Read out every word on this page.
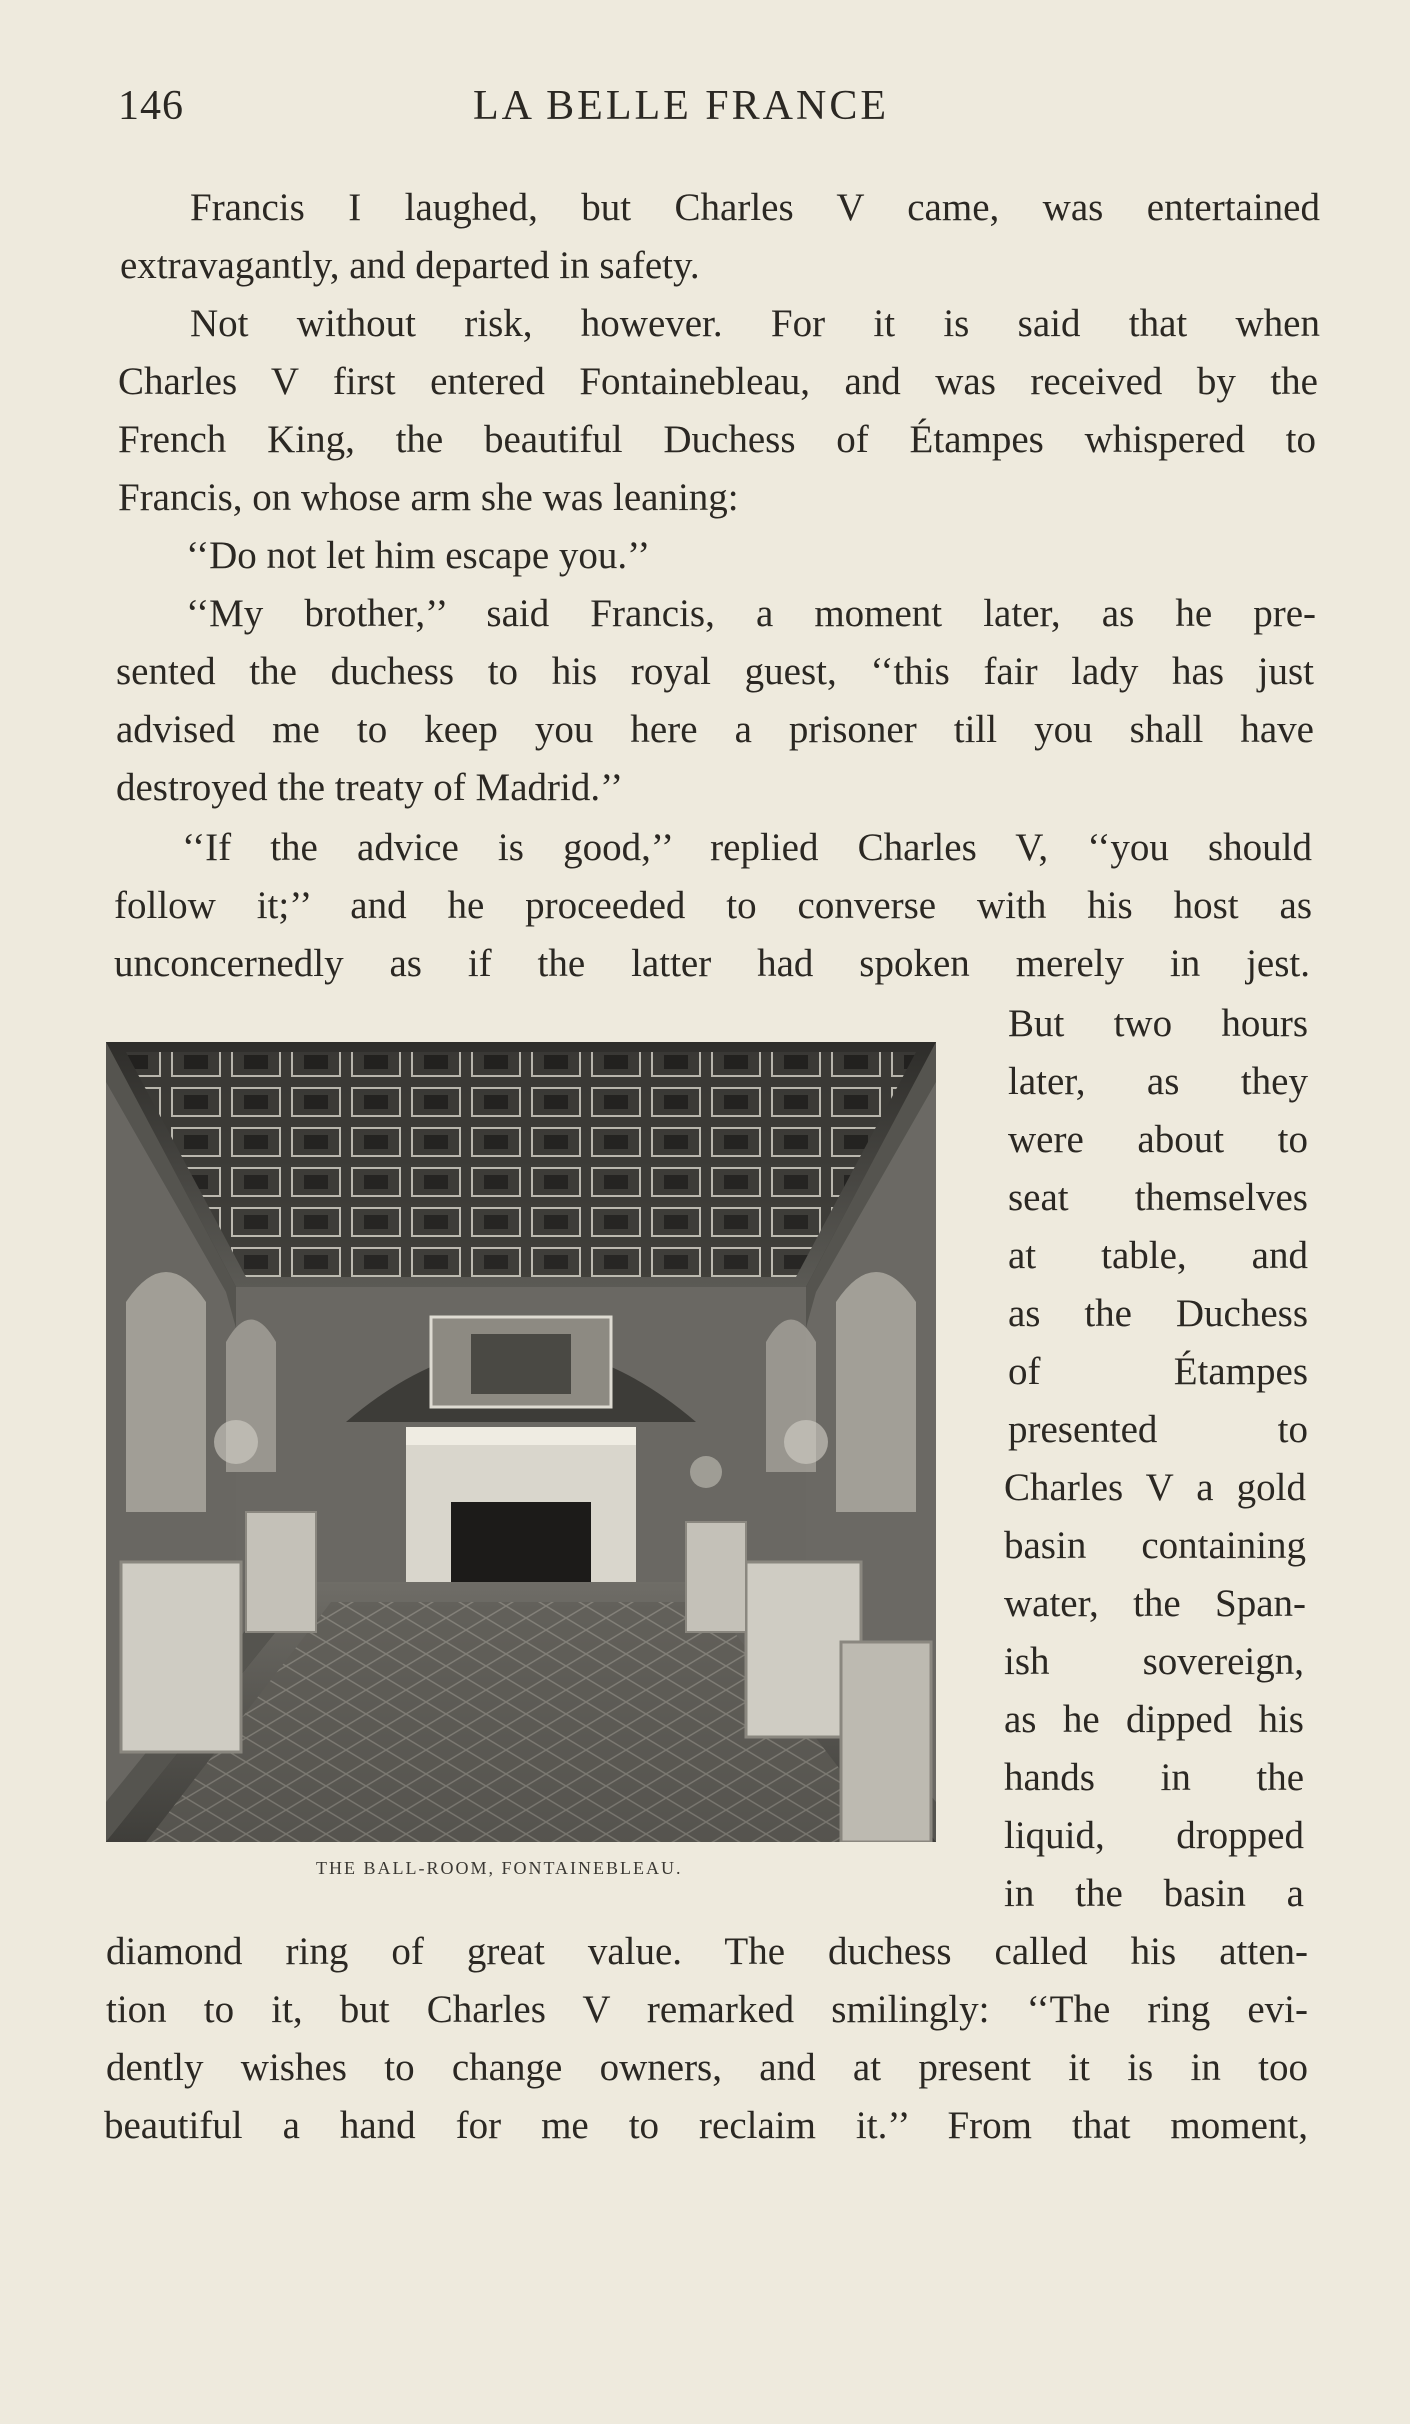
146	LA BELLE FRANCE
Francis I laughed, but Charles V came, was entertained
extravagantly, and departed in safety.
Not without risk, however. For it is said that when
Charles V first entered Fontainebleau, and was received by the
French King, the beautiful Duchess of Étampes whispered to
Francis, on whose arm she was leaning:
‘‘Do not let him escape you.’’
‘‘My brother,’’ said Francis, a moment later, as he pre-
sented the duchess to his royal guest, ‘‘this fair lady has just
advised me to keep you here a prisoner till you shall have
destroyed the treaty of Madrid.’’
‘‘If the advice is good,’’ replied Charles V, ‘‘you should
follow it;’’ and he proceeded to converse with his host as
unconcernedly as if the latter had spoken merely in jest.
But two hours
later, as they
were about to
seat themselves
at table, and
as the Duchess
of Étampes
presented to
Charles V a gold
basin containing
water, the Span-
ish sovereign,
as he dipped his
hands in the
liquid, dropped
in the basin a
THE BALL-ROOM, FONTAINEBLEAU.
diamond ring of great value. The duchess called his atten-
tion to it, but Charles V remarked smilingly: ‘‘The ring evi-
dently wishes to change owners, and at present it is in too
beautiful a hand for me to reclaim it.’’ From that moment,
